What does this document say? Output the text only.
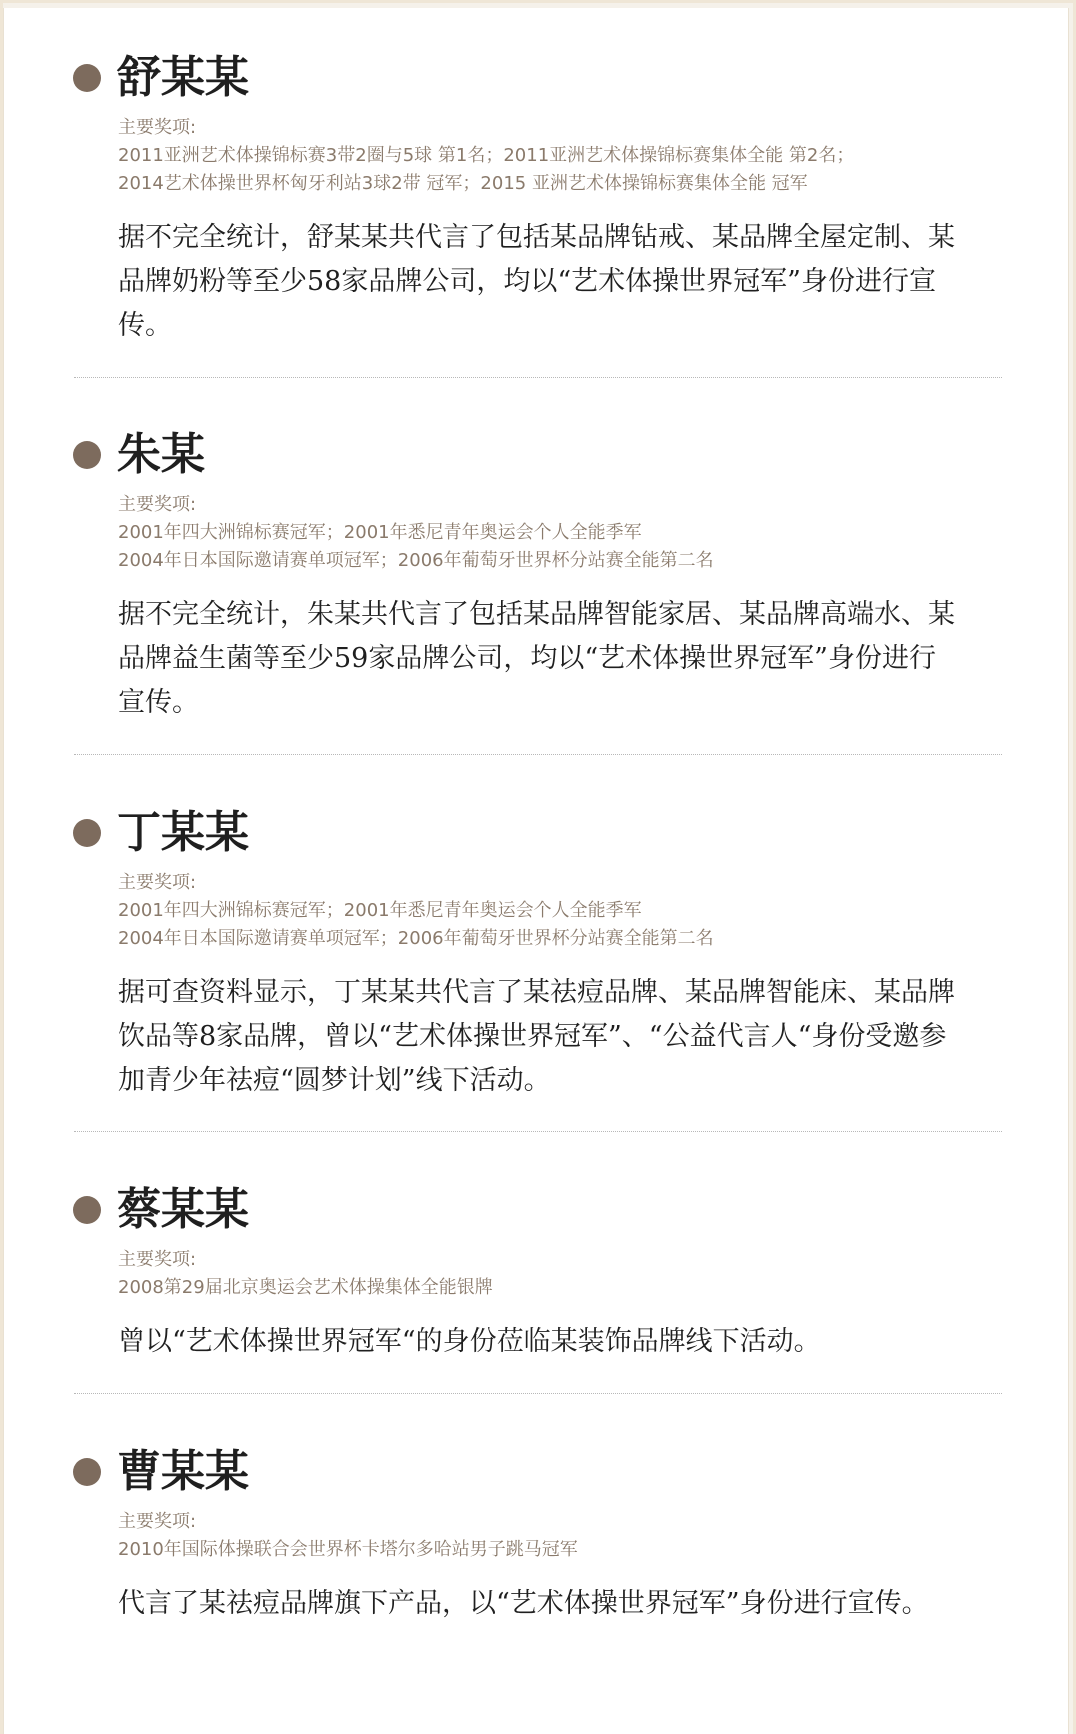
舒某某
主要奖项:
2011亚洲艺术体操锦标赛3带2圈与5球 第1名；2011亚洲艺术体操锦标赛集体全能 第2名；
2014艺术体操世界杯匈牙利站3球2带 冠军；2015 亚洲艺术体操锦标赛集体全能 冠军
据不完全统计，舒某某共代言了包括某品牌钻戒、某品牌全屋定制、某品牌奶粉等至少58家品牌公司，均以“艺术体操世界冠军”身份进行宣传。
朱某
主要奖项:
2001年四大洲锦标赛冠军；2001年悉尼青年奥运会个人全能季军
2004年日本国际邀请赛单项冠军；2006年葡萄牙世界杯分站赛全能第二名
据不完全统计，朱某共代言了包括某品牌智能家居、某品牌高端水、某品牌益生菌等至少59家品牌公司，均以“艺术体操世界冠军”身份进行宣传。
丁某某
主要奖项:
2001年四大洲锦标赛冠军；2001年悉尼青年奥运会个人全能季军
2004年日本国际邀请赛单项冠军；2006年葡萄牙世界杯分站赛全能第二名
据可查资料显示，丁某某共代言了某祛痘品牌、某品牌智能床、某品牌饮品等8家品牌，曾以“艺术体操世界冠军”、“公益代言人“身份受邀参加青少年祛痘“圆梦计划”线下活动。
蔡某某
主要奖项:
2008第29届北京奥运会艺术体操集体全能银牌
曾以“艺术体操世界冠军“的身份莅临某装饰品牌线下活动。
曹某某
主要奖项:
2010年国际体操联合会世界杯卡塔尔多哈站男子跳马冠军
代言了某祛痘品牌旗下产品，以“艺术体操世界冠军”身份进行宣传。
